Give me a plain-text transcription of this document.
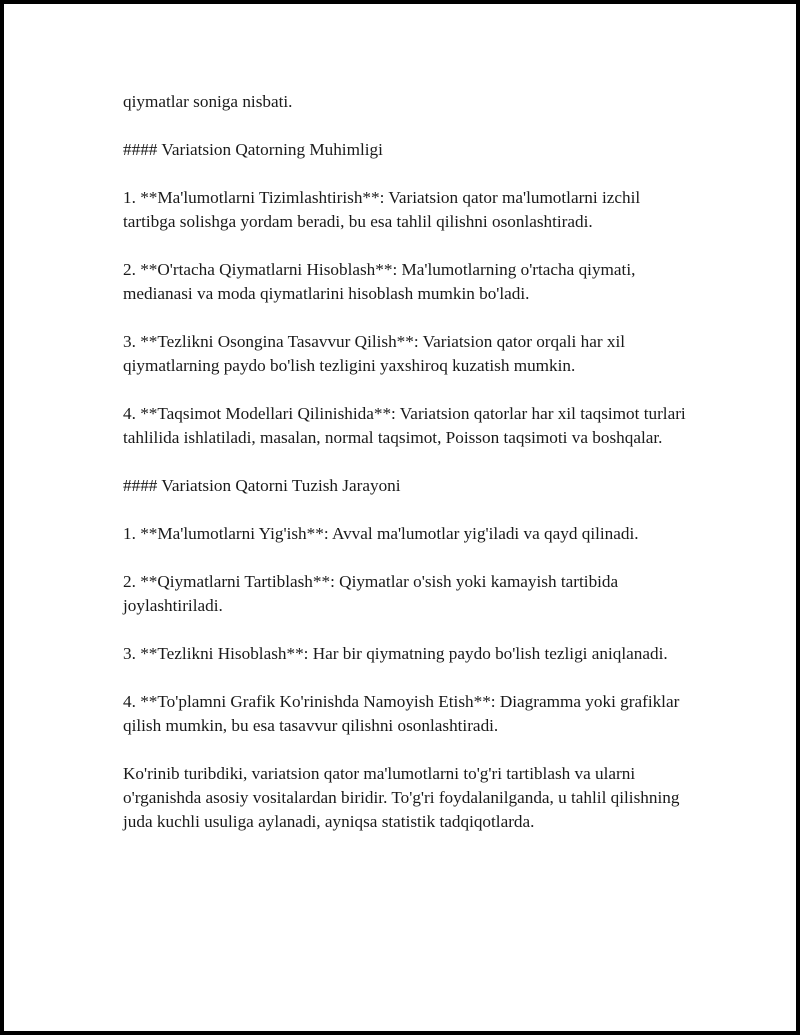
qiymatlar soniga nisbati.

#### Variatsion Qatorning Muhimligi

1. **Ma'lumotlarni Tizimlashtirish**: Variatsion qator ma'lumotlarni izchil tartibga solishga yordam beradi, bu esa tahlil qilishni osonlashtiradi.

2. **O'rtacha Qiymatlarni Hisoblash**: Ma'lumotlarning o'rtacha qiymati, medianasi va moda qiymatlarini hisoblash mumkin bo'ladi.

3. **Tezlikni Osongina Tasavvur Qilish**: Variatsion qator orqali har xil qiymatlarning paydo bo'lish tezligini yaxshiroq kuzatish mumkin.

4. **Taqsimot Modellari Qilinishida**: Variatsion qatorlar har xil taqsimot turlari tahlilida ishlatiladi, masalan, normal taqsimot, Poisson taqsimoti va boshqalar.

#### Variatsion Qatorni Tuzish Jarayoni

1. **Ma'lumotlarni Yig'ish**: Avval ma'lumotlar yig'iladi va qayd qilinadi.

2. **Qiymatlarni Tartiblash**: Qiymatlar o'sish yoki kamayish tartibida joylashtiriladi.

3. **Tezlikni Hisoblash**: Har bir qiymatning paydo bo'lish tezligi aniqlanadi.

4. **To'plamni Grafik Ko'rinishda Namoyish Etish**: Diagramma yoki grafiklar qilish mumkin, bu esa tasavvur qilishni osonlashtiradi.

Ko'rinib turibdiki, variatsion qator ma'lumotlarni to'g'ri tartiblash va ularni o'rganishda asosiy vositalardan biridir. To'g'ri foydalanilganda, u tahlil qilishning juda kuchli usuliga aylanadi, ayniqsa statistik tadqiqotlarda.
